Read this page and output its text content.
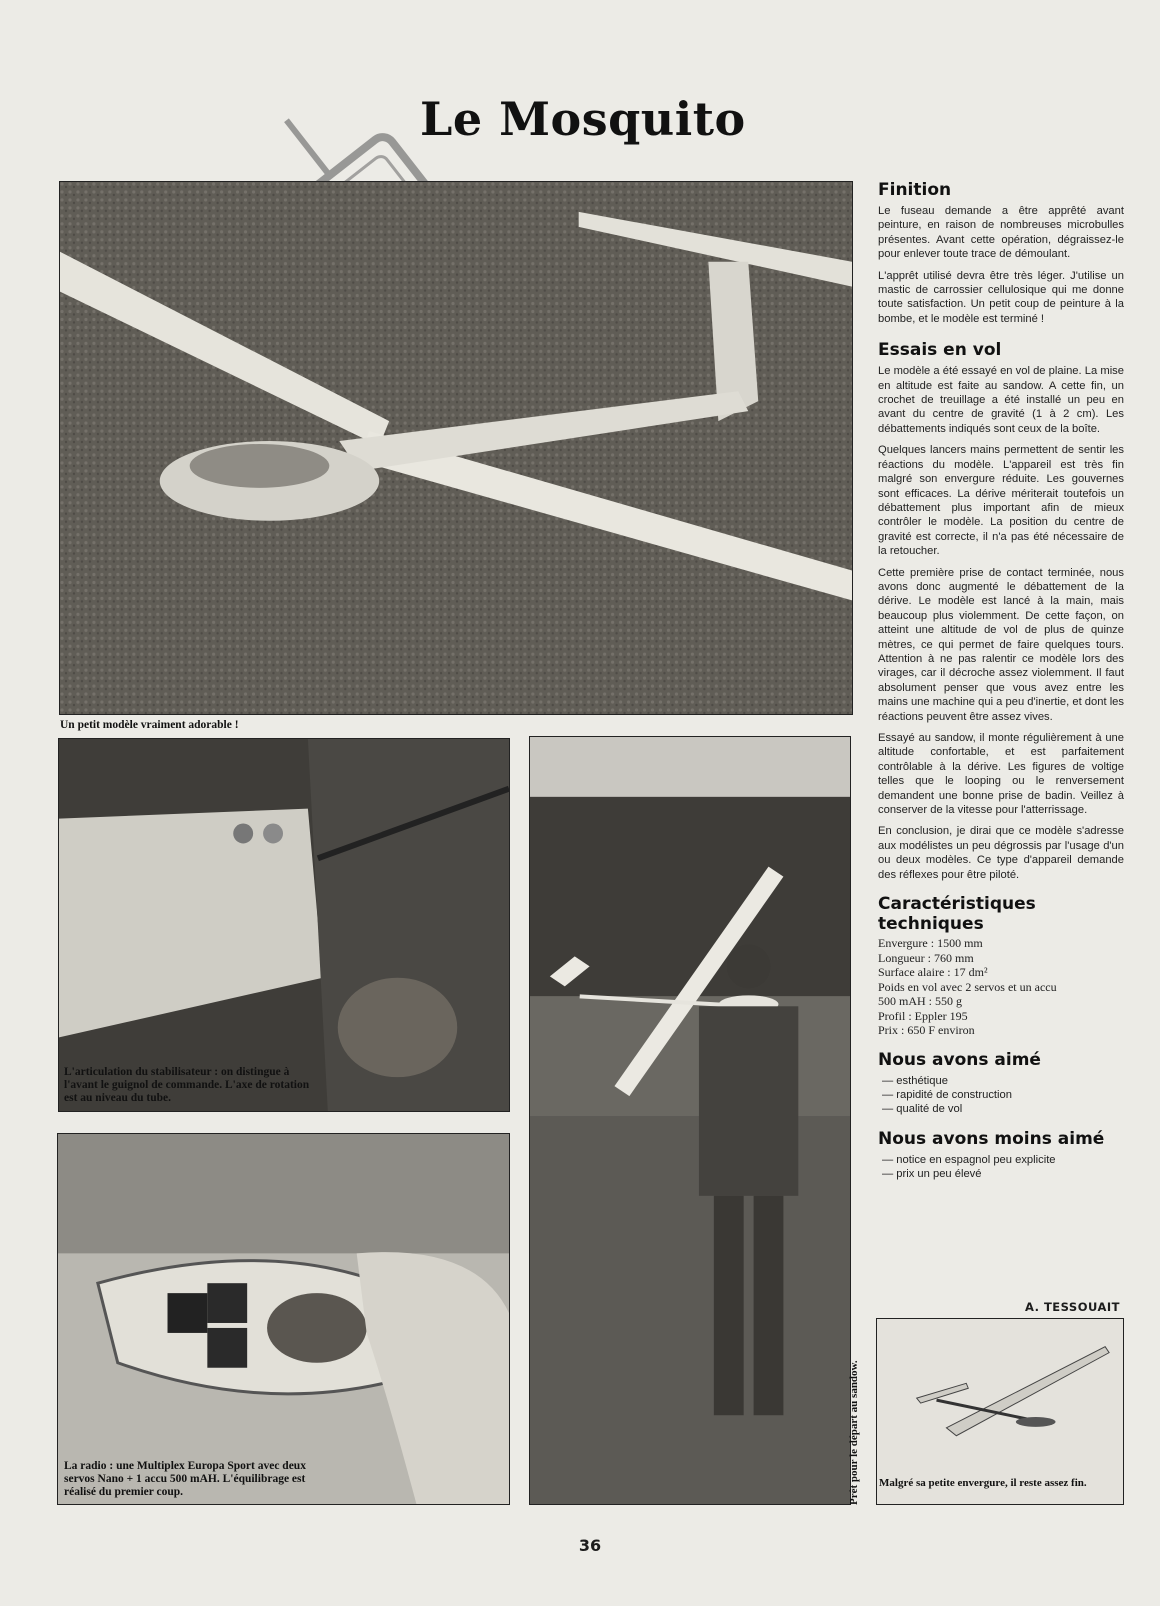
Le Mosquito
Un petit modèle vraiment adorable !
L'articulation du stabilisateur : on distingue à l'avant le guignol de commande. L'axe de rotation est au niveau du tube.
La radio : une Multiplex Europa Sport avec deux servos Nano + 1 accu 500 mAH. L'équilibrage est réalisé du premier coup.	Prêt pour le départ au sandow. Malgré sa petite envergure, il reste assez fin.
Finition

Le fuseau demande a être apprêté avant peinture, en raison de nombreuses microbulles présentes. Avant cette opération, dégraissez-le pour enlever toute trace de démoulant.

L'apprêt utilisé devra être très léger. J'utilise un mastic de carrossier cellulosique qui me donne toute satisfaction. Un petit coup de peinture à la bombe, et le modèle est terminé !

Essais en vol

Le modèle a été essayé en vol de plaine. La mise en altitude est faite au sandow. A cette fin, un crochet de treuillage a été installé un peu en avant du centre de gravité (1 à 2 cm). Les débattements indiqués sont ceux de la boîte.

Quelques lancers mains permettent de sentir les réactions du modèle. L'appareil est très fin malgré son envergure réduite. Les gouvernes sont efficaces. La dérive mériterait toutefois un débattement plus important afin de mieux contrôler le modèle. La position du centre de gravité est correcte, il n'a pas été nécessaire de la retoucher.

Cette première prise de contact terminée, nous avons donc augmenté le débattement de la dérive. Le modèle est lancé à la main, mais beaucoup plus violemment. De cette façon, on atteint une altitude de vol de plus de quinze mètres, ce qui permet de faire quelques tours. Attention à ne pas ralentir ce modèle lors des virages, car il décroche assez violemment. Il faut absolument penser que vous avez entre les mains une machine qui a peu d'inertie, et dont les réactions peuvent être assez vives.

Essayé au sandow, il monte régulièrement à une altitude confortable, et est parfaitement contrôlable à la dérive. Les figures de voltige telles que le looping ou le renversement demandent une bonne prise de badin. Veillez à conserver de la vitesse pour l'atterrissage.

En conclusion, je dirai que ce modèle s'adresse aux modélistes un peu dégrossis par l'usage d'un ou deux modèles. Ce type d'appareil demande des réflexes pour être piloté.

Caractéristiques
techniques
Envergure : 1500 mm
Longueur : 760 mm
Surface alaire : 17 dm²
Poids en vol avec 2 servos et un accu
500 mAH : 550 g
Profil : Eppler 195
Prix : 650 F environ
Nous avons aimé
— esthétique
— rapidité de construction
— qualité de vol
Nous avons moins aimé
— notice en espagnol peu explicite
— prix un peu élevé
A. TESSOUAIT
36
